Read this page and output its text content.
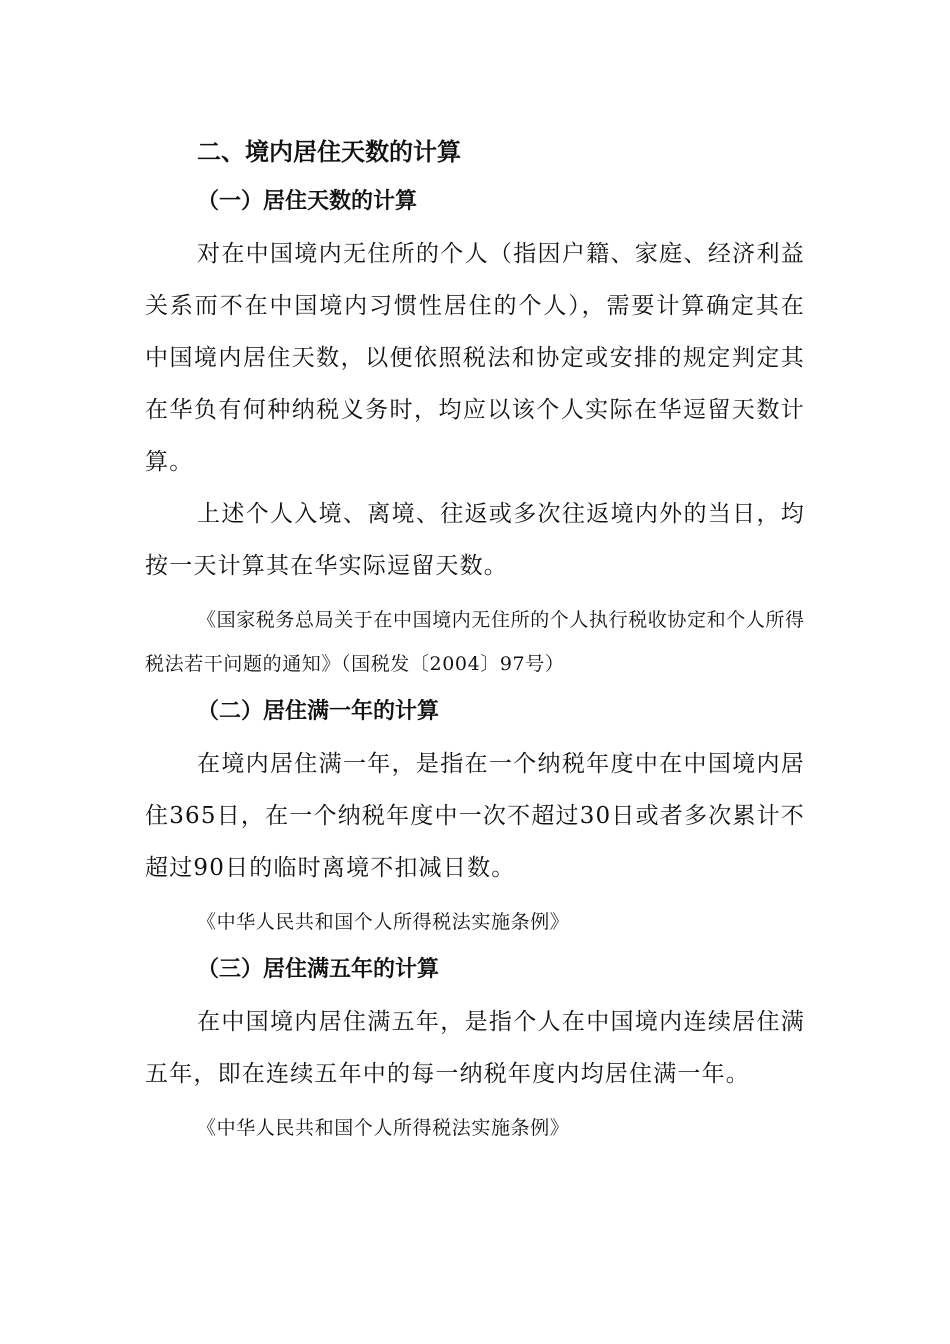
二、境内居住天数的计算
（一）居住天数的计算

对在中国境内无住所的个人（指因户籍、家庭、经济利益关系而不在中国境内习惯性居住的个人），需要计算确定其在中国境内居住天数，以便依照税法和协定或安排的规定判定其在华负有何种纳税义务时，均应以该个人实际在华逗留天数计算。

上述个人入境、离境、往返或多次往返境内外的当日，均按一天计算其在华实际逗留天数。

《国家税务总局关于在中国境内无住所的个人执行税收协定和个人所得税法若干问题的通知》（国税发〔2004〕97号）

（二）居住满一年的计算

在境内居住满一年，是指在一个纳税年度中在中国境内居住365日，在一个纳税年度中一次不超过30日或者多次累计不超过90日的临时离境不扣减日数。

《中华人民共和国个人所得税法实施条例》

（三）居住满五年的计算

在中国境内居住满五年，是指个人在中国境内连续居住满五年，即在连续五年中的每一纳税年度内均居住满一年。

《中华人民共和国个人所得税法实施条例》
